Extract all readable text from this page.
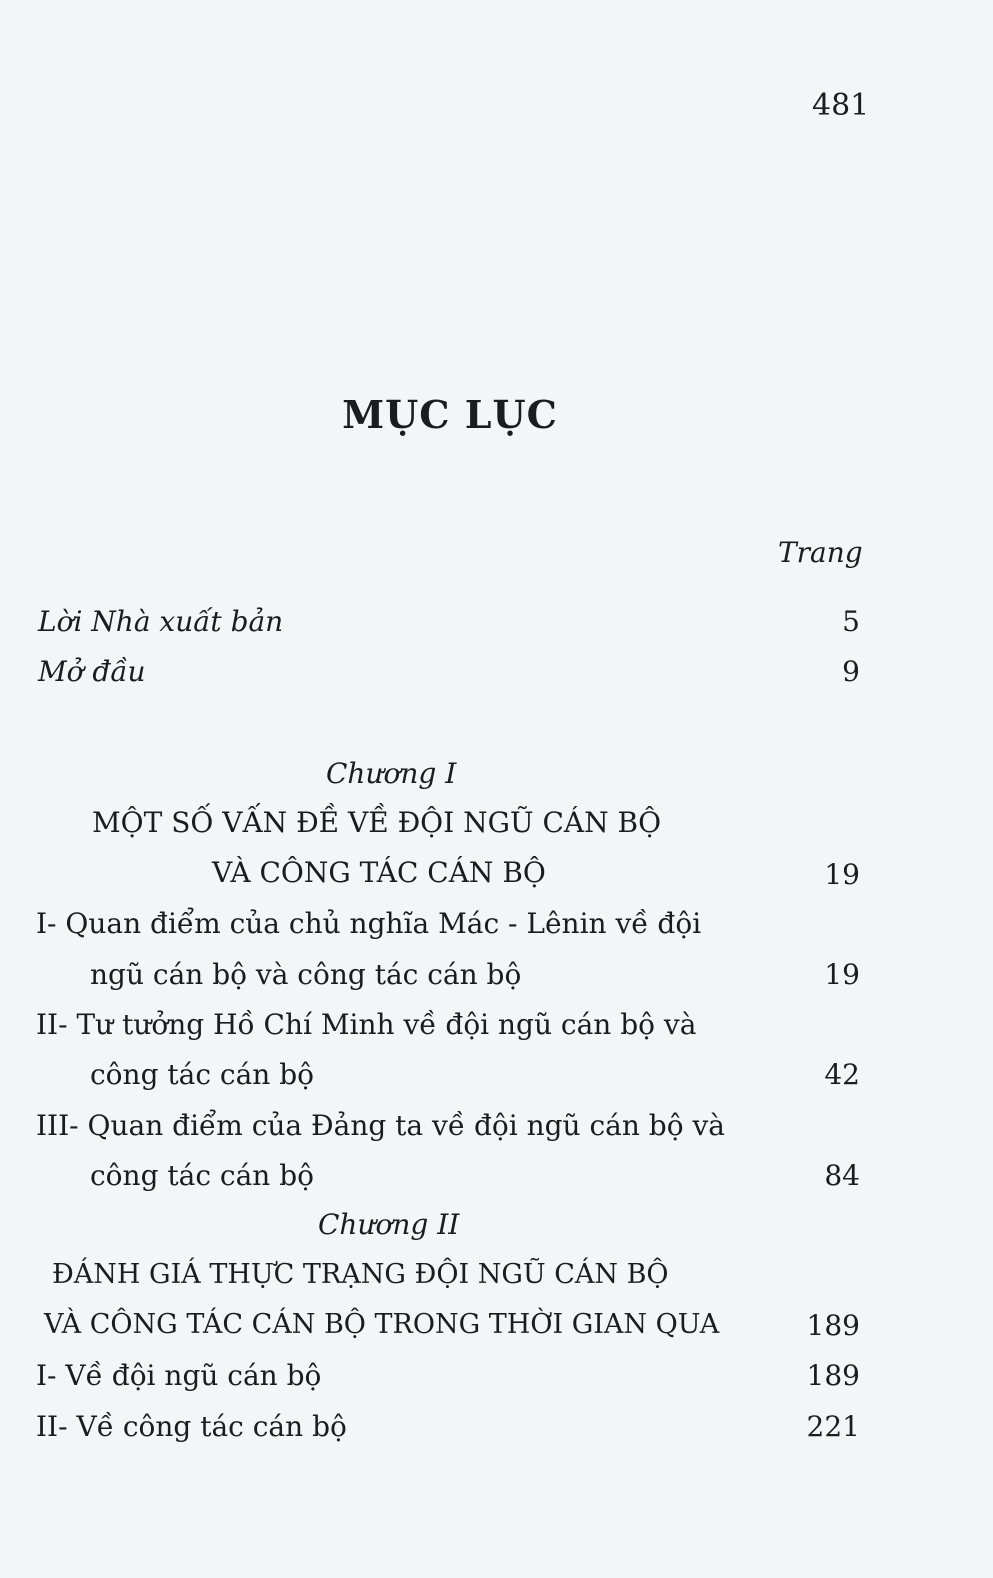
481
MỤC LỤC
Trang
Lời Nhà xuất bản	5
Mở đầu	9
Chương I
MỘT SỐ VẤN ĐỀ VỀ ĐỘI NGŨ CÁN BỘ
VÀ CÔNG TÁC CÁN BỘ	19
I- Quan điểm của chủ nghĩa Mác - Lênin về đội
ngũ cán bộ và công tác cán bộ	19
II- Tư tưởng Hồ Chí Minh về đội ngũ cán bộ và
công tác cán bộ	42
III- Quan điểm của Đảng ta về đội ngũ cán bộ và
công tác cán bộ	84
Chương II
ĐÁNH GIÁ THỰC TRẠNG ĐỘI NGŨ CÁN BỘ
VÀ CÔNG TÁC CÁN BỘ TRONG THỜI GIAN QUA	189
I- Về đội ngũ cán bộ	189
II- Về công tác cán bộ	221
